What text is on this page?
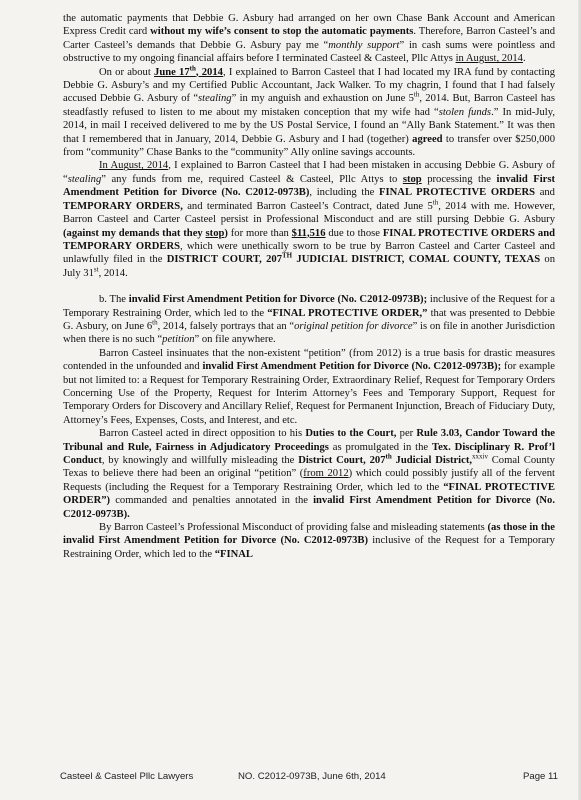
the automatic payments that Debbie G. Asbury had arranged on her own Chase Bank Account and American Express Credit card without my wife’s consent to stop the automatic payments. Therefore, Barron Casteel’s and Carter Casteel’s demands that Debbie G. Asbury pay me “monthly support” in cash sums were pointless and obstructive to my ongoing financial affairs before I terminated Casteel & Casteel, Pllc Attys in August, 2014.

On or about June 17th, 2014, I explained to Barron Casteel that I had located my IRA fund by contacting Debbie G. Asbury’s and my Certified Public Accountant, Jack Walker. To my chagrin, I found that I had falsely accused Debbie G. Asbury of “stealing” in my anguish and exhaustion on June 5th, 2014. But, Barron Casteel has steadfastly refused to listen to me about my mistaken conception that my wife had “stolen funds.” In mid-July, 2014, in mail I received delivered to me by the US Postal Service, I found an “Ally Bank Statement.” It was then that I remembered that in January, 2014, Debbie G. Asbury and I had (together) agreed to transfer over $250,000 from “community” Chase Banks to the “community” Ally online savings accounts.

In August, 2014, I explained to Barron Casteel that I had been mistaken in accusing Debbie G. Asbury of “stealing” any funds from me, required Casteel & Casteel, Pllc Attys to stop processing the invalid First Amendment Petition for Divorce (No. C2012-0973B), including the FINAL PROTECTIVE ORDERS and TEMPORARY ORDERS, and terminated Barron Casteel’s Contract, dated June 5th, 2014 with me. However, Barron Casteel and Carter Casteel persist in Professional Misconduct and are still pursing Debbie G. Asbury (against my demands that they stop) for more than $11,516 due to those FINAL PROTECTIVE ORDERS and TEMPORARY ORDERS, which were unethically sworn to be true by Barron Casteel and Carter Casteel and unlawfully filed in the DISTRICT COURT, 207TH JUDICIAL DISTRICT, COMAL COUNTY, TEXAS on July 31st, 2014.

b. The invalid First Amendment Petition for Divorce (No. C2012-0973B); inclusive of the Request for a Temporary Restraining Order, which led to the “FINAL PROTECTIVE ORDER,” that was presented to Debbie G. Asbury, on June 6th, 2014, falsely portrays that an “original petition for divorce” is on file in another Jurisdiction when there is no such “petition” on file anywhere.

Barron Casteel insinuates that the non-existent “petition” (from 2012) is a true basis for drastic measures contended in the unfounded and invalid First Amendment Petition for Divorce (No. C2012-0973B); for example but not limited to: a Request for Temporary Restraining Order, Extraordinary Relief, Request for Temporary Orders Concerning Use of the Property, Request for Interim Attorney’s Fees and Temporary Support, Request for Temporary Orders for Discovery and Ancillary Relief, Request for Permanent Injunction, Breach of Fiduciary Duty, Attorney’s Fees, Expenses, Costs, and Interest, and etc.

Barron Casteel acted in direct opposition to his Duties to the Court, per Rule 3.03, Candor Toward the Tribunal and Rule, Fairness in Adjudicatory Proceedings as promulgated in the Tex. Disciplinary R. Prof’l Conduct, by knowingly and willfully misleading the District Court, 207th Judicial District,$^{xxxiv}$ Comal County Texas to believe there had been an original “petition” (from 2012) which could possibly justify all of the fervent Requests (including the Request for a Temporary Restraining Order, which led to the “FINAL PROTECTIVE ORDER”) commanded and penalties annotated in the invalid First Amendment Petition for Divorce (No. C2012-0973B).

By Barron Casteel’s Professional Misconduct of providing false and misleading statements (as those in the invalid First Amendment Petition for Divorce (No. C2012-0973B) inclusive of the Request for a Temporary Restraining Order, which led to the “FINAL

Casteel & Casteel Pllc Lawyers	NO. C2012-0973B, June 6th, 2014	Page 11
